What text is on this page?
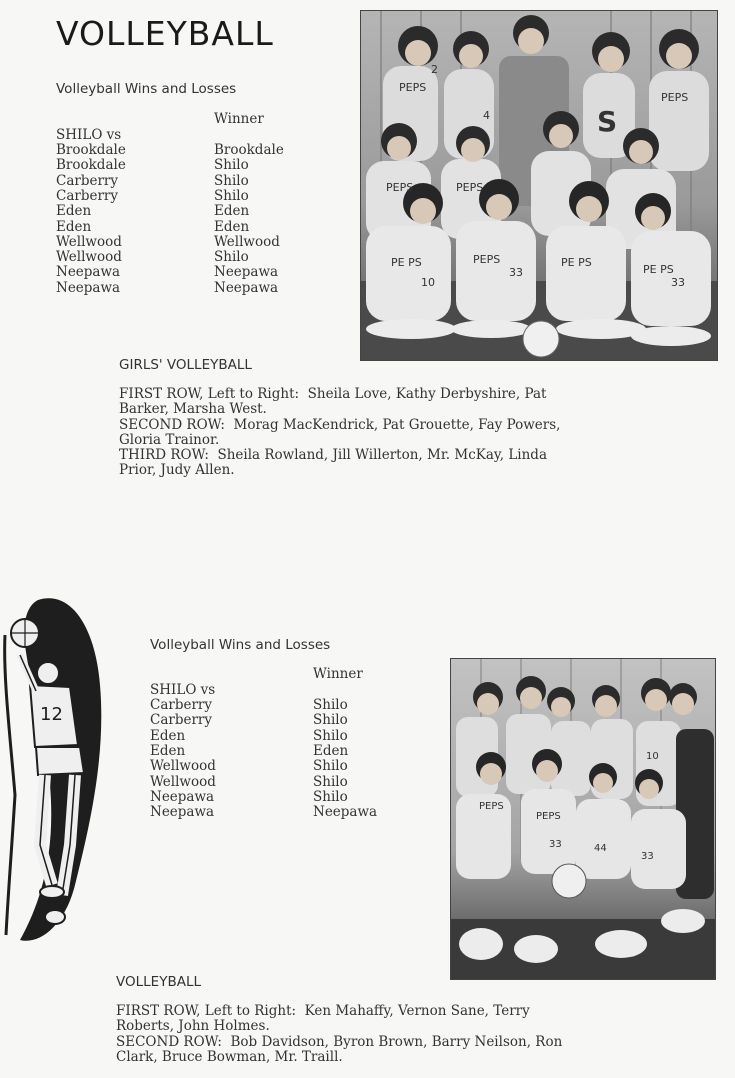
VOLLEYBALL
Volleyball Wins and Losses
Winner
SHILO vs
Brookdale	Brookdale
Brookdale	Shilo
Carberry	Shilo
Carberry	Shilo
Eden	Eden
Eden	Eden
Wellwood	Wellwood
Wellwood	Shilo
Neepawa	Neepawa
Neepawa	Neepawa
S
PEPS
PEPS
PEPS	PEPS
PE PS	PEPS	PE PS
PE PS
2
4
10
33
33
GIRLS' VOLLEYBALL
FIRST ROW, Left to Right:  Sheila Love, Kathy Derbyshire, Pat
Barker, Marsha West.
SECOND ROW:  Morag MacKendrick, Pat Grouette, Fay Powers,
Gloria Trainor.
THIRD ROW:  Sheila Rowland, Jill Willerton, Mr. McKay, Linda
Prior, Judy Allen.
12
Volleyball Wins and Losses
Winner
SHILO vs
Carberry	Shilo
Carberry	Shilo
Eden	Shilo
Eden	Eden
Wellwood	Shilo
Wellwood	Shilo
Neepawa	Shilo
Neepawa	Neepawa	PEPS
PEPS
10
33	44
33
VOLLEYBALL
FIRST ROW, Left to Right:  Ken Mahaffy, Vernon Sane, Terry
Roberts, John Holmes.
SECOND ROW:  Bob Davidson, Byron Brown, Barry Neilson, Ron
Clark, Bruce Bowman, Mr. Traill.
